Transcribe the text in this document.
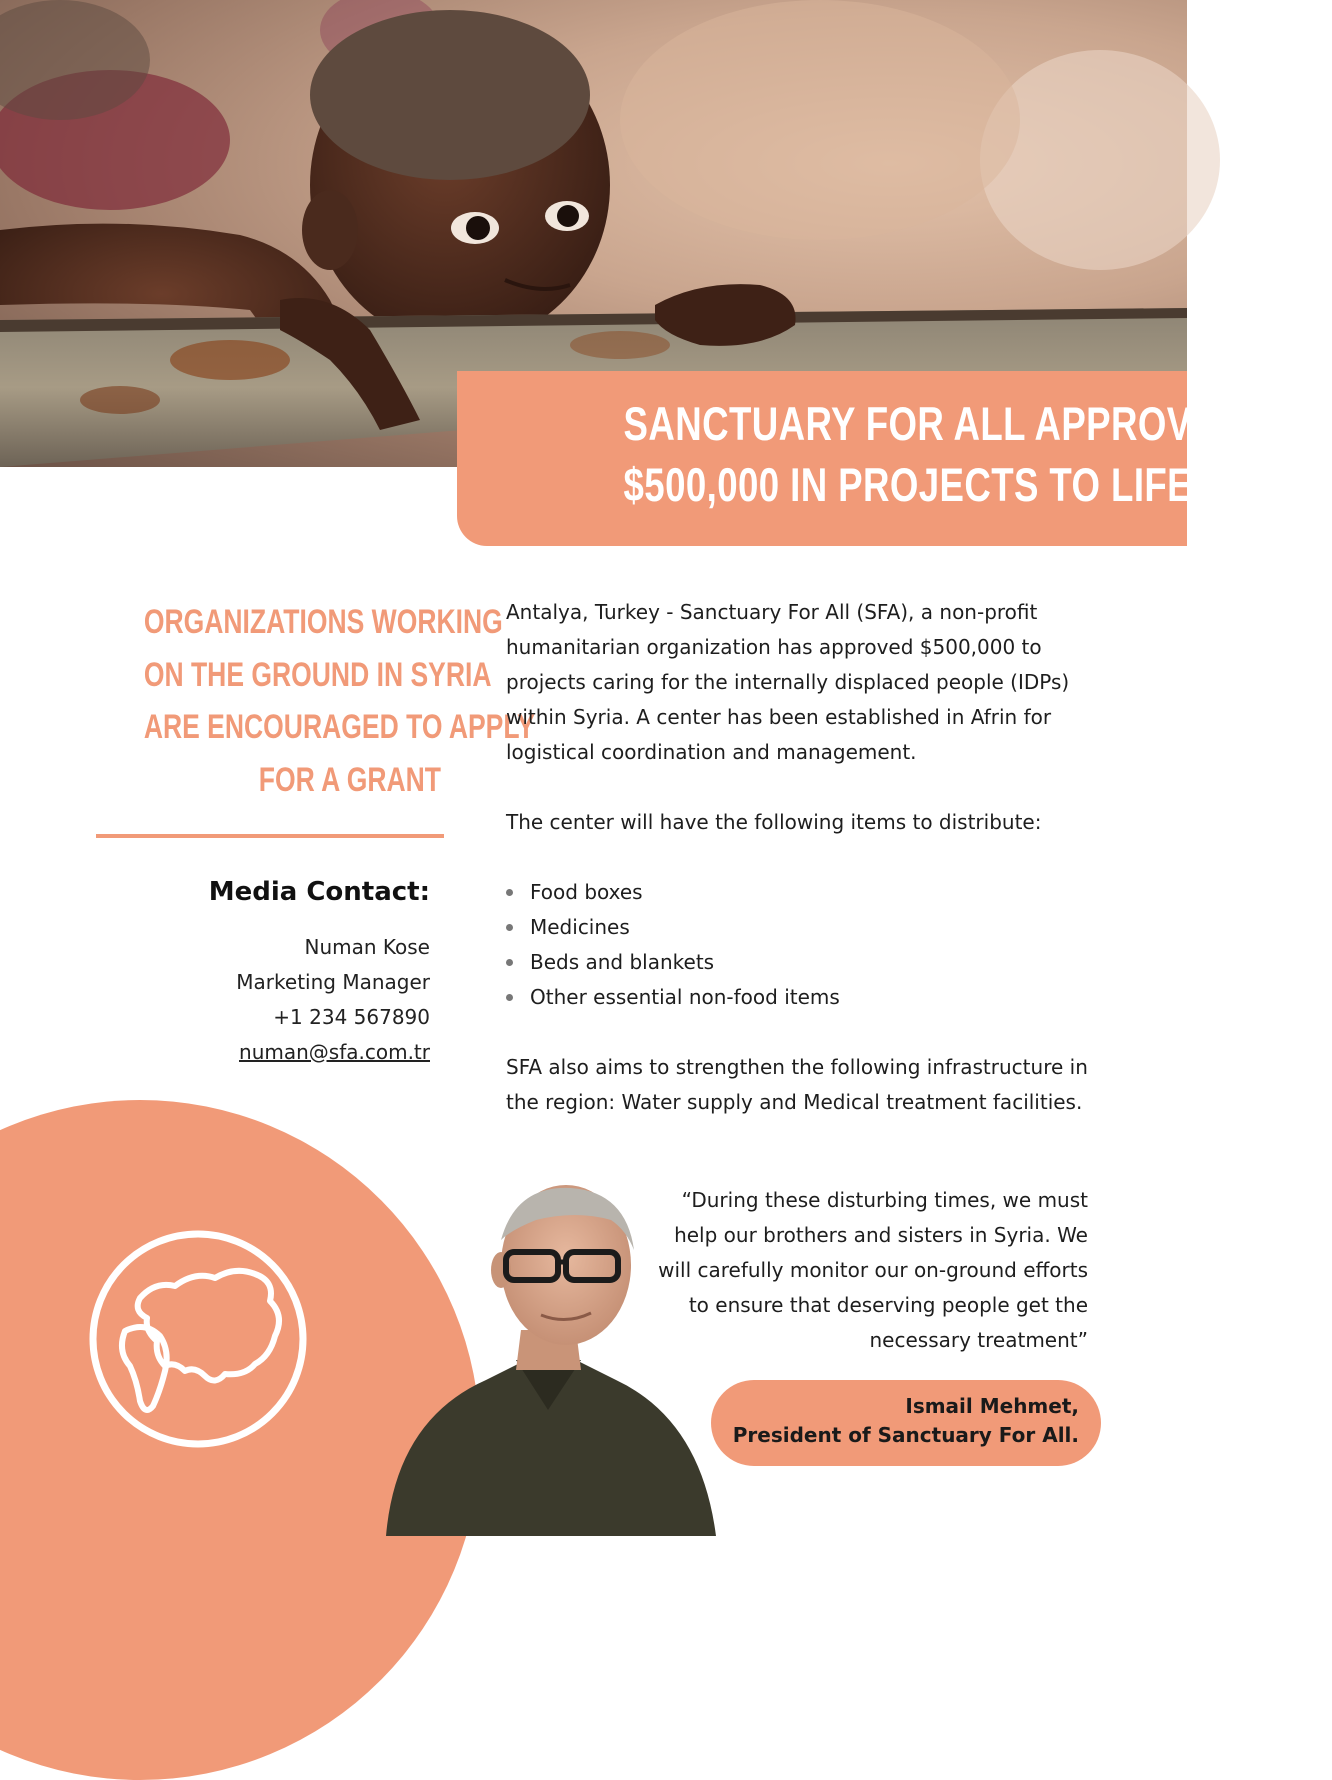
SANCTUARY FOR ALL APPROVES
$500,000 IN PROJECTS TO LIFESAVING
ORGANIZATIONS WORKING
ON THE GROUND IN SYRIA
ARE ENCOURAGED TO APPLY
FOR A GRANT
Media Contact:
Numan Kose
Marketing Manager
+1 234 567890
numan@sfa.com.tr

Antalya, Turkey - Sanctuary For All (SFA), a non-profit humanitarian organization has approved $500,000 to projects caring for the internally displaced people (IDPs) within Syria. A center has been established in Afrin for logistical coordination and management.

The center will have the following items to distribute:

Food boxes
Medicines
Beds and blankets
Other essential non-food items

SFA also aims to strengthen the following infrastructure in the region: Water supply and Medical treatment facilities.

“During these disturbing times, we must help our brothers and sisters in Syria. We will carefully monitor our on-ground efforts to ensure that deserving people get the necessary treatment”
Ismail Mehmet,
President of Sanctuary For All.
